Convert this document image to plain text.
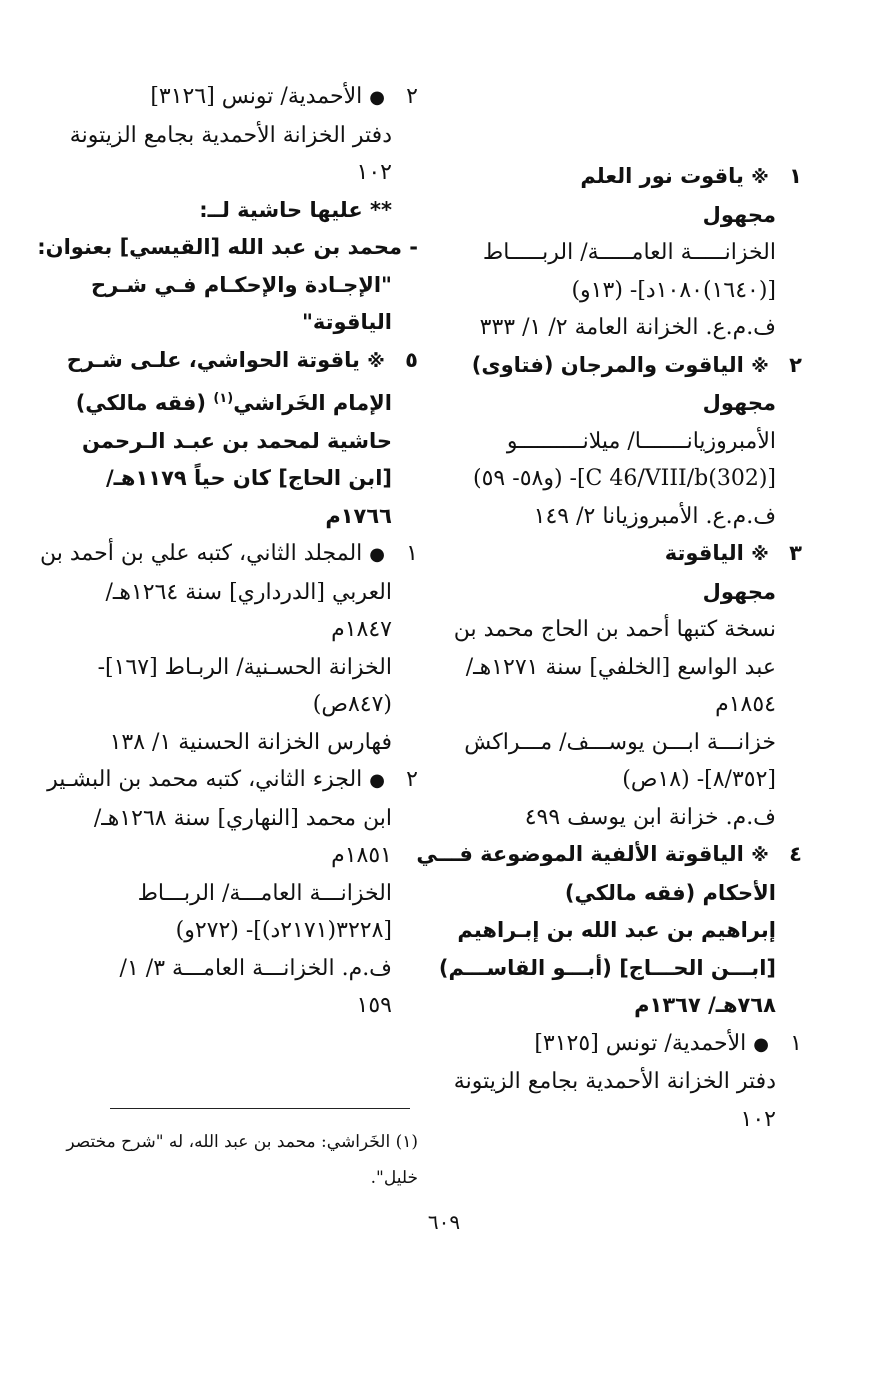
١ ※ ياقوت نور العلم
مجهول
الخزانـــــة العامـــــة/ الربـــــاط
[(١٦٤٠)١٠٨٠د]- (١٣و)
ف.م.ع. الخزانة العامة ٢/ ١/ ٣٣٣
٢ ※ الياقوت والمرجان (فتاوى)
مجهول
الأمبروزيانـــــــا/ ميلانــــــــــو
[(302)C 46/VIII/b]- (و٥٨- ٥٩)
ف.م.ع. الأمبروزيانا ٢/ ١٤٩
٣ ※ الياقوتة
مجهول
نسخة كتبها أحمد بن الحاج محمد بن
عبد الواسع [الخلفي] سنة ١٢٧١هـ/
١٨٥٤م
خزانـــة ابـــن يوســـف/ مـــراكش
[٨/٣٥٢]- (١٨ص)
ف.م. خزانة ابن يوسف ٤٩٩
٤ ※ الياقوتة الألفية الموضوعة فـــي
الأحكام (فقه مالكي)
إبراهيم بن عبد الله بن إبـراهيم
[ابـــن الحـــاج] (أبـــو القاســـم)
٧٦٨هـ/ ١٣٦٧م
١ ● الأحمدية/ تونس [٣١٢٥]
دفتر الخزانة الأحمدية بجامع الزيتونة
١٠٢
٢ ● الأحمدية/ تونس [٣١٢٦]
دفتر الخزانة الأحمدية بجامع الزيتونة
١٠٢
** عليها حاشية لــ:
- محمد بن عبد الله [القيسي] بعنوان:
"الإجـادة والإحكـام فـي شـرح
الياقوتة"
٥ ※ ياقوتة الحواشي، علـى شـرح
الإمام الخَراشي$^{(١)}$ (فقه مالكي)
حاشية لمحمد بن عبـد الـرحمن
[ابن الحاج] كان حياً ١١٧٩هـ/
١٧٦٦م
١ ● المجلد الثاني، كتبه علي بن أحمد بن
العربي [الدرداري] سنة ١٢٦٤هـ/
١٨٤٧م
الخزانة الحسـنية/ الربـاط [١٦٧]-
(٨٤٧ص)
فهارس الخزانة الحسنية ١/ ١٣٨
٢ ● الجزء الثاني، كتبه محمد بن البشـير
ابن محمد [النهاري] سنة ١٢٦٨هـ/
١٨٥١م
الخزانـــة العامـــة/ الربـــاط
[٣٢٢٨(٢١٧١د)]- (٢٧٢و)
ف.م. الخزانـــة العامـــة ٣/ ١/
١٥٩
(١) الخَراشي: محمد بن عبد الله، له "شرح مختصر
خليل".
٦٠٩
